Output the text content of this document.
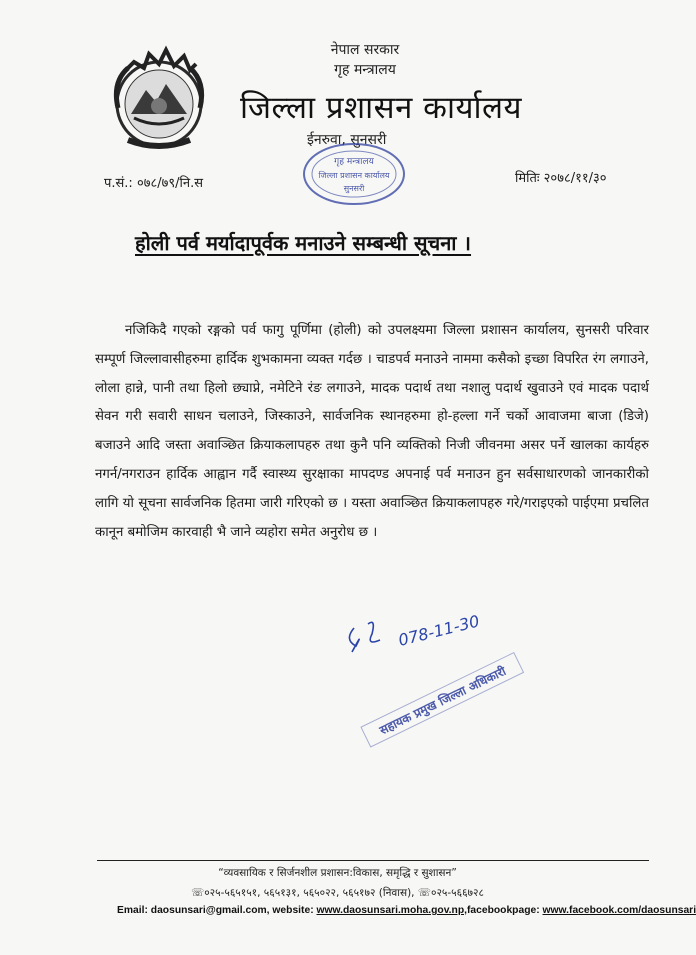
नेपाल सरकार
गृह मन्त्रालय
जिल्ला प्रशासन कार्यालय
ईनरुवा, सुनसरी
गृह मन्त्रालय
जिल्ला प्रशासन कार्यालय
सुनसरी
प.सं.: ०७८/७९/नि.स	मितिः २०७८/११/३०
होली पर्व मर्यादापूर्वक मनाउने सम्बन्धी सूचना ।

नजिकिदै गएको रङ्गको पर्व फागु पूर्णिमा (होली) को उपलक्ष्यमा जिल्ला प्रशासन कार्यालय, सुनसरी परिवार सम्पूर्ण जिल्लावासीहरुमा हार्दिक शुभकामना व्यक्त गर्दछ । चाडपर्व मनाउने नाममा कसैको इच्छा विपरित रंग लगाउने, लोला हान्ने, पानी तथा हिलो छ्याप्ने, नमेटिने रंङ लगाउने, मादक पदार्थ तथा नशालु पदार्थ खुवाउने एवं मादक पदार्थ सेवन गरी सवारी साधन चलाउने, जिस्काउने, सार्वजनिक स्थानहरुमा हो-हल्ला गर्ने चर्को आवाजमा बाजा (डिजे) बजाउने आदि जस्ता अवाञ्छित क्रियाकलापहरु तथा कुनै पनि व्यक्तिको निजी जीवनमा असर पर्ने खालका कार्यहरु नगर्न/नगराउन हार्दिक आह्वान गर्दै स्वास्थ्य सुरक्षाका मापदण्ड अपनाई पर्व मनाउन हुन सर्वसाधारणको जानकारीको लागि यो सूचना सार्वजनिक हितमा जारी गरिएको छ । यस्ता अवाञ्छित क्रियाकलापहरु गरे/गराइएको पाईएमा प्रचलित कानून बमोजिम कारवाही भै जाने व्यहोरा समेत अनुरोध छ ।

078-11-30
सहायक प्रमुख जिल्ला अधिकारी
“व्यवसायिक र सिर्जनशील प्रशासन:विकास, समृद्धि र सुशासन”
☏०२५-५६५१५१, ५६५१३१, ५६५०२२, ५६५१७२ (निवास), ☏०२५-५६६७२८
Email: daosunsari@gmail.com, website: www.daosunsari.moha.gov.np,facebookpage: www.facebook.com/daosunsari
